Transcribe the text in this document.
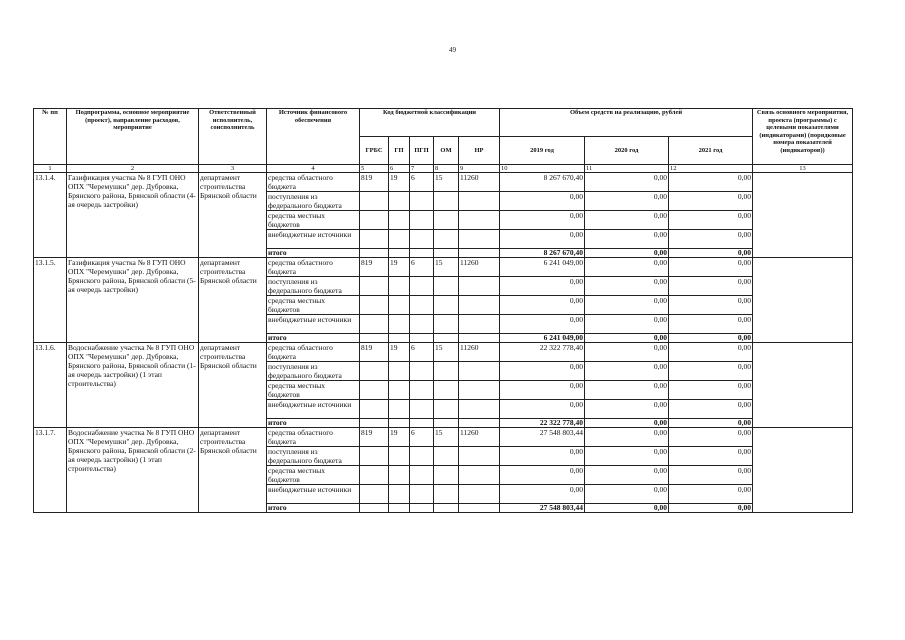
49
№ пп	Подпрограмма, основное мероприятие (проект), направление расходов, мероприятие	Ответственный исполнитель, соисполнитель	Источник финансового обеспечения	Код бюджетной классификации					Объем средств на реализацию, рублей			Связь основного мероприятия, проекта (программы) с целевыми показателями (индикаторами) (порядковые номера показателей (индикаторов))
				ГРБС	ГП	ПГП	ОМ	НР	2019 год	2020 год	2021 год	
1	2	3	4	5	6	7	8	9	10	11	12	13
13.1.4.	Газификация участка № 8 ГУП ОНО ОПХ "Черемушки" дер. Дубровка, Брянского района, Брянской области (4-ая очередь застройки)	департамент строительства Брянской области	средства областного бюджета	819	19	6	15	11260	8 267 670,40	0,00	0,00	
			поступления из федерального бюджета						0,00	0,00	0,00	
			средства местных бюджетов						0,00	0,00	0,00	
			внебюджетные источники						0,00	0,00	0,00	
			итого						8 267 670,40	0,00	0,00	
13.1.5.	Газификация участка № 8 ГУП ОНО ОПХ "Черемушки" дер. Дубровка, Брянского района, Брянской области (5-ая очередь застройки)	департамент строительства Брянской области	средства областного бюджета	819	19	6	15	11260	6 241 049,00	0,00	0,00	
			поступления из федерального бюджета						0,00	0,00	0,00	
			средства местных бюджетов						0,00	0,00	0,00	
			внебюджетные источники						0,00	0,00	0,00	
			итого						6 241 049,00	0,00	0,00	
13.1.6.	Водоснабжение участка № 8 ГУП ОНО ОПХ "Черемушки" дер. Дубровка, Брянского района, Брянской области (1-ая очередь застройки) (1 этап строительства)	департамент строительства Брянской области	средства областного бюджета	819	19	6	15	11260	22 322 778,40	0,00	0,00	
			поступления из федерального бюджета						0,00	0,00	0,00	
			средства местных бюджетов						0,00	0,00	0,00	
			внебюджетные источники						0,00	0,00	0,00	
			итого						22 322 778,40	0,00	0,00	
13.1.7.	Водоснабжение участка № 8 ГУП ОНО ОПХ "Черемушки" дер. Дубровка, Брянского района, Брянской области (2-ая очередь застройки) (1 этап строительства)	департамент строительства Брянской области	средства областного бюджета	819	19	6	15	11260	27 548 803,44	0,00	0,00	
			поступления из федерального бюджета						0,00	0,00	0,00	
			средства местных бюджетов						0,00	0,00	0,00	
			внебюджетные источники						0,00	0,00	0,00	
			итого						27 548 803,44	0,00	0,00	
